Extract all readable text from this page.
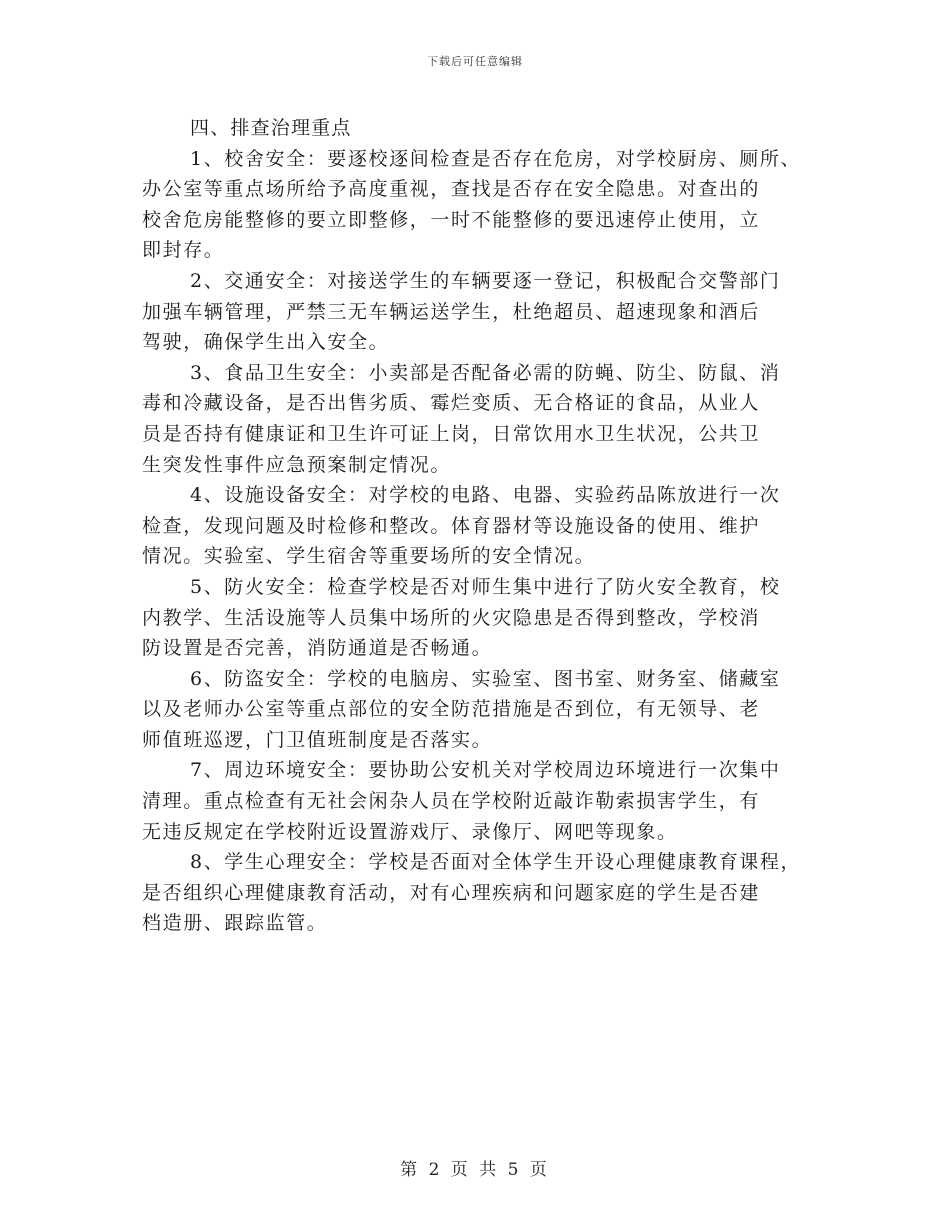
下载后可任意编辑

四、排查治理重点

1、校舍安全：要逐校逐间检查是否存在危房，对学校厨房、厕所、
办公室等重点场所给予高度重视，查找是否存在安全隐患。对查出的
校舍危房能整修的要立即整修，一时不能整修的要迅速停止使用，立
即封存。

2、交通安全：对接送学生的车辆要逐一登记，积极配合交警部门
加强车辆管理，严禁三无车辆运送学生，杜绝超员、超速现象和酒后
驾驶，确保学生出入安全。

3、食品卫生安全：小卖部是否配备必需的防蝇、防尘、防鼠、消
毒和冷藏设备，是否出售劣质、霉烂变质、无合格证的食品，从业人
员是否持有健康证和卫生许可证上岗，日常饮用水卫生状况，公共卫
生突发性事件应急预案制定情况。

4、设施设备安全：对学校的电路、电器、实验药品陈放进行一次
检查，发现问题及时检修和整改。体育器材等设施设备的使用、维护
情况。实验室、学生宿舍等重要场所的安全情况。

5、防火安全：检查学校是否对师生集中进行了防火安全教育，校
内教学、生活设施等人员集中场所的火灾隐患是否得到整改，学校消
防设置是否完善，消防通道是否畅通。

6、防盗安全：学校的电脑房、实验室、图书室、财务室、储藏室
以及老师办公室等重点部位的安全防范措施是否到位，有无领导、老
师值班巡逻，门卫值班制度是否落实。

7、周边环境安全：要协助公安机关对学校周边环境进行一次集中
清理。重点检查有无社会闲杂人员在学校附近敲诈勒索损害学生，有
无违反规定在学校附近设置游戏厅、录像厅、网吧等现象。

8、学生心理安全：学校是否面对全体学生开设心理健康教育课程，
是否组织心理健康教育活动，对有心理疾病和问题家庭的学生是否建
档造册、跟踪监管。

第 2 页 共 5 页
